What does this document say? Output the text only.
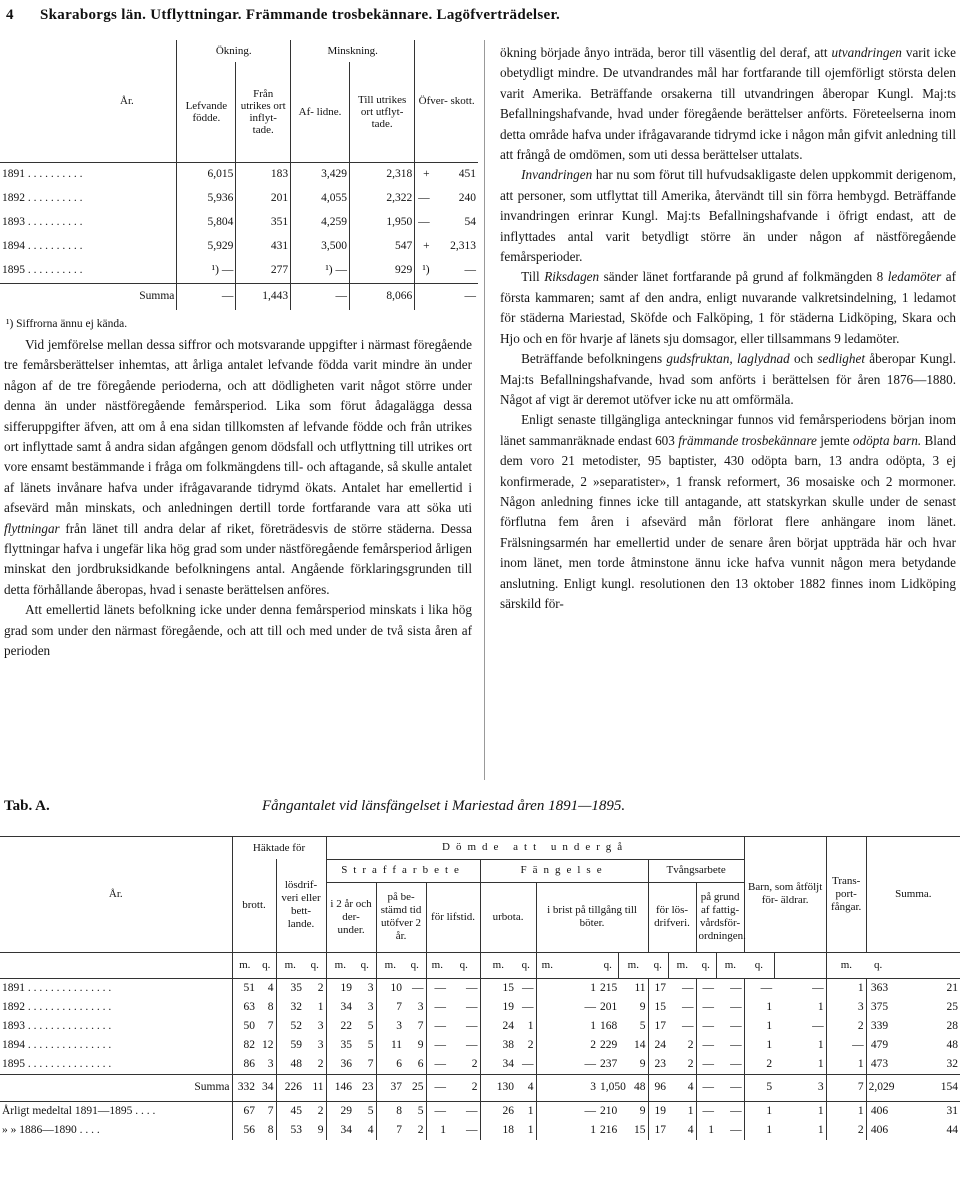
4 Skaraborgs län. Utflyttningar. Främmande trosbekännare. Lagöfverträdelser.
År.	Ökning.		Minskning.		Öfver- skott.	
	Lefvande födde.	Från utrikes ort inflyt- tade.	Af- lidne.	Till utrikes ort utflyt- tade.		
1891 . . . . . . . . . .	6,015	183	3,429	2,318	+	451
1892 . . . . . . . . . .	5,936	201	4,055	2,322	—	240
1893 . . . . . . . . . .	5,804	351	4,259	1,950	—	54
1894 . . . . . . . . . .	5,929	431	3,500	547	+	2,313
1895 . . . . . . . . . .	¹) —	277	¹) —	929	¹)	—
Summa	—	1,443	—	8,066		—
¹) Siffrorna ännu ej kända.

Vid jemförelse mellan dessa siffror och motsvarande uppgifter i närmast föregående tre femårsberättelser inhemtas, att årliga antalet lefvande födda varit mindre än under någon af de tre föregående perioderna, och att dödligheten varit något större under denna än under nästföregående femårsperiod. Lika som förut ådagalägga dessa sifferuppgifter äfven, att om å ena sidan tillkomsten af lefvande födde och från utrikes ort inflyttade samt å andra sidan afgången genom dödsfall och utflyttning till utrikes ort vore ensamt bestämmande i fråga om folkmängdens till- och aftagande, så skulle antalet af länets invånare hafva under ifrågavarande tidrymd ökats. Antalet har emellertid i afsevärd mån minskats, och anledningen dertill torde fortfarande vara att söka uti flyttningar från länet till andra delar af riket, företrädesvis de större städerna. Dessa flyttningar hafva i ungefär lika hög grad som under nästföregående femårsperiod årligen minskat den jordbruksidkande befolkningens antal. Angående förklaringsgrunden till detta förhållande åberopas, hvad i senaste berättelsen anföres.

Att emellertid länets befolkning icke under denna femårsperiod minskats i lika hög grad som under den närmast föregående, och att till och med under de två sista åren af perioden

ökning började ånyo inträda, beror till väsentlig del deraf, att utvandringen varit icke obetydligt mindre. De utvandrandes mål har fortfarande till ojemförligt största delen varit Amerika. Beträffande orsakerna till utvandringen åberopar Kungl. Maj:ts Befallningshafvande, hvad under föregående berättelser anförts. Företeelserna inom detta område hafva under ifrågavarande tidrymd icke i någon mån gifvit anledning till att frångå de omdömen, som uti dessa berättelser uttalats.

Invandringen har nu som förut till hufvudsakligaste delen uppkommit derigenom, att personer, som utflyttat till Amerika, återvändt till sin förra hembygd. Beträffande invandringen erinrar Kungl. Maj:ts Befallningshafvande i öfrigt endast, att de inflyttades antal varit betydligt större än under någon af nästföregående femårsperioder.

Till Riksdagen sänder länet fortfarande på grund af folkmängden 8 ledamöter af första kammaren; samt af den andra, enligt nuvarande valkretsindelning, 1 ledamot för städerna Mariestad, Sköfde och Falköping, 1 för städerna Lidköping, Skara och Hjo och en för hvarje af länets sju domsagor, eller tillsammans 9 ledamöter.

Beträffande befolkningens gudsfruktan, laglydnad och sedlighet åberopar Kungl. Maj:ts Befallningshafvande, hvad som anförts i berättelsen för åren 1876—1880. Något af vigt är deremot utöfver icke nu att omförmäla.

Enligt senaste tillgängliga anteckningar funnos vid femårsperiodens början inom länet sammanräknade endast 603 främmande trosbekännare jemte odöpta barn. Bland dem voro 21 metodister, 95 baptister, 430 odöpta barn, 13 andra odöpta, 3 ej konfirmerade, 2 »separatister», 1 fransk reformert, 36 mosaiske och 2 mormoner. Någon anledning finnes icke till antagande, att statskyrkan skulle under de senast förflutna fem åren i afsevärd mån förlorat flere anhängare inom länet. Frälsningsarmén har emellertid under de senare åren börjat uppträda här och hvar inom länet, men torde åtminstone ännu icke hafva vunnit någon mera betydande anslutning. Enligt kungl. resolutionen den 13 oktober 1882 finnes inom Lidköping särskild för-

Tab. A.	Fångantalet vid länsfängelset i Mariestad åren 1891—1895.
År.	Häktade för				Dömde att undergå																Barn, som åtföljt för- äldrar.		Trans- port- fångar.	Summa.	
	brott.		lösdrif- veri eller bett- lande.		Straffarbete						Fängelse						Tvångsarbete								
					i 2 år och der- under.		på be- stämd tid utöfver 2 år.		för lifstid.		urbota.		i brist på tillgång till böter.				för lös- drifveri.		på grund af fattig- vårdsför- ordningen.						
	m.	q.	m.	q.	m.	q.	m.	q.	m.	q.	m.	q.	m.		q.	m.	q.	m.	q.	m.	q.		m.	q.	
1891 . . . . . . . . . . . . . . .	51	4	35	2	19	3	10	—	—	—	15	—		1	215	11	17	—	—	—	—	—	1	363	21
1892 . . . . . . . . . . . . . . .	63	8	32	1	34	3	7	3	—	—	19	—		—	201	9	15	—	—	—	1	1	3	375	25
1893 . . . . . . . . . . . . . . .	50	7	52	3	22	5	3	7	—	—	24	1		1	168	5	17	—	—	—	1	—	2	339	28
1894 . . . . . . . . . . . . . . .	82	12	59	3	35	5	11	9	—	—	38	2		2	229	14	24	2	—	—	1	1	—	479	48
1895 . . . . . . . . . . . . . . .	86	3	48	2	36	7	6	6	—	2	34	—		—	237	9	23	2	—	—	2	1	1	473	32
Summa	332	34	226	11	146	23	37	25	—	2	130	4		3	1,050	48	96	4	—	—	5	3	7	2,029	154
Årligt medeltal 1891—1895 . . . .	67	7	45	2	29	5	8	5	—	—	26	1		—	210	9	19	1	—	—	1	1	1	406	31
» » 1886—1890 . . . .	56	8	53	9	34	4	7	2	1	—	18	1		1	216	15	17	4	1	—	1	1	2	406	44
